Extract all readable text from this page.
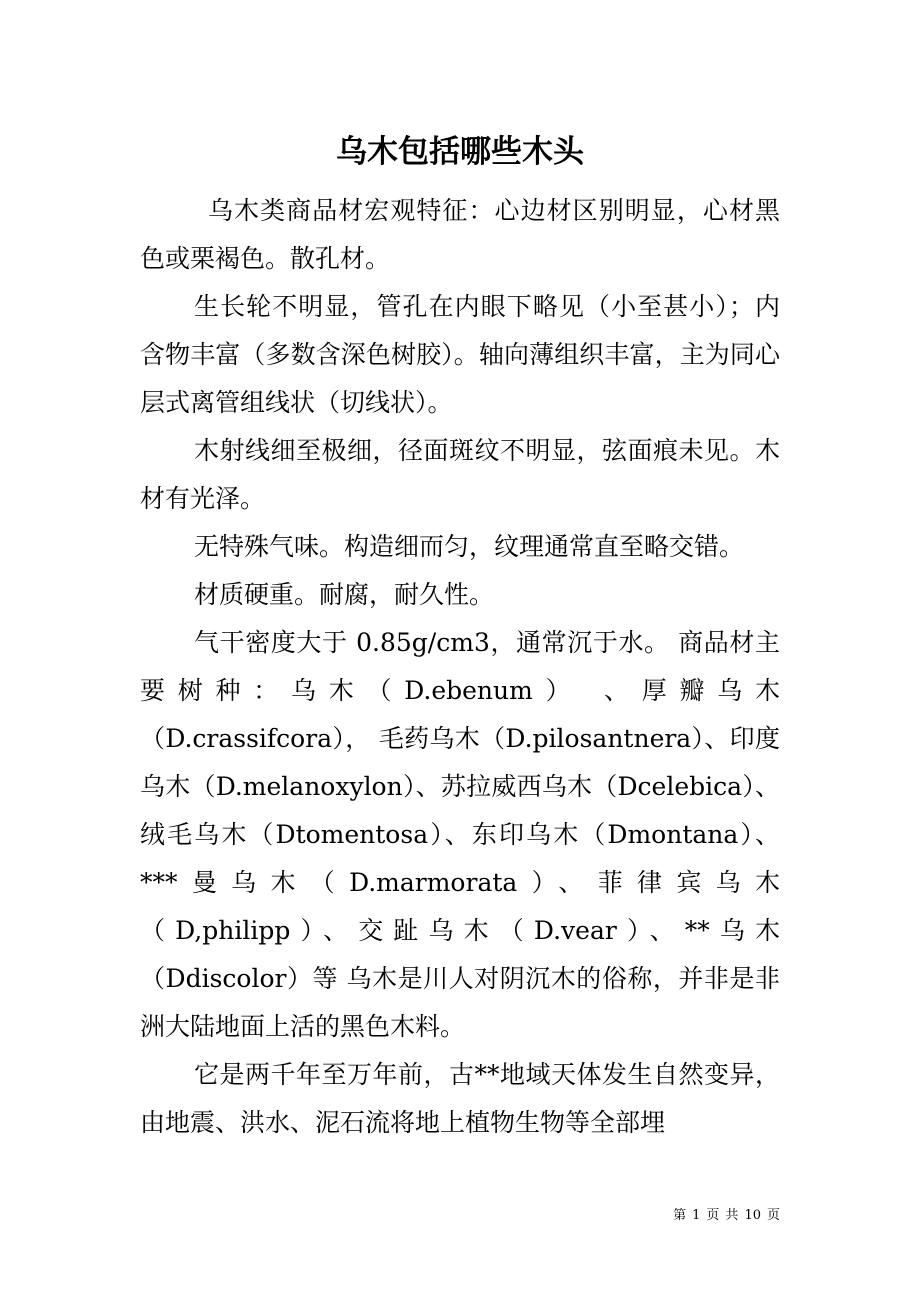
乌木包括哪些木头

乌木类商品材宏观特征：心边材区别明显，心材黑色或栗褐色。散孔材。

生长轮不明显，管孔在内眼下略见（小至甚小）；内含物丰富（多数含深色树胶）。轴向薄组织丰富，主为同心层式离管组线状（切线状）。

木射线细至极细，径面斑纹不明显，弦面痕未见。木材有光泽。

无特殊气味。构造细而匀，纹理通常直至略交错。

材质硬重。耐腐，耐久性。

气干密度大于 0.85g/cm3，通常沉于水。 商品材主要树种：乌木（D.ebenum） 、厚瓣乌木（D.crassifcora）， 毛药乌木（D.pilosantnera）、印度乌木（D.melanoxylon）、苏拉威西乌木（Dcelebica）、绒毛乌木（Dtomentosa）、东印乌木（Dmontana）、***曼乌木（D.marmorata）、菲律宾乌木（D,philipp）、交趾乌木（D.vear）、**乌木（Ddiscolor）等 乌木是川人对阴沉木的俗称，并非是非洲大陆地面上活的黑色木料。

它是两千年至万年前，古**地域天体发生自然变异，由地震、洪水、泥石流将地上植物生物等全部埋

第 1 页 共 10 页
